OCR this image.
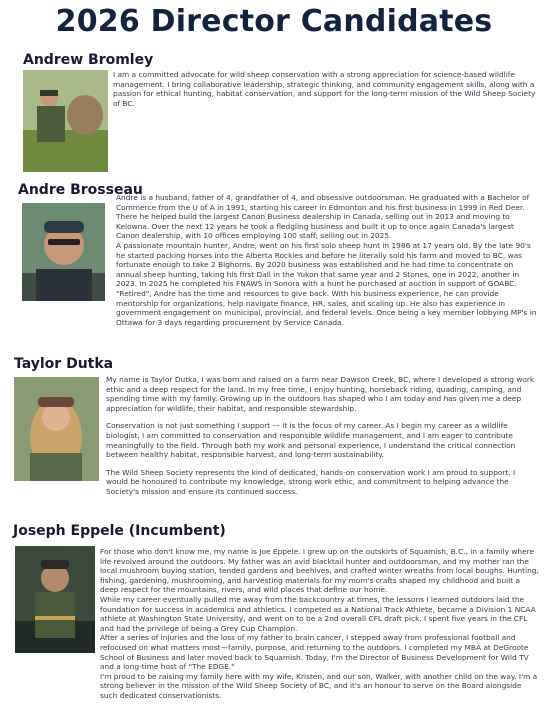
2026 Director Candidates
Andrew Bromley

I am a committed advocate for wild sheep conservation with a strong appreciation for science-based wildlife management. I bring collaborative leadership, strategic thinking, and community engagement skills, along with a passion for ethical hunting, habitat conservation, and support for the long-term mission of the Wild Sheep Society of BC.

Andre Brosseau

Andre is a husband, father of 4, grandfather of 4, and obsessive outdoorsman. He graduated with a Bachelor of Commerce from the U of A in 1991, starting his career in Edmonton and his first business in 1999 in Red Deer. There he helped build the largest Canon Business dealership in Canada, selling out in 2013 and moving to Kelowna. Over the next 12 years he took a fledgling business and built it up to once again Canada's largest Canon dealership, with 10 offices employing 100 staff; selling out in 2025.

A passionate mountain hunter, Andre, went on his first solo sheep hunt in 1986 at 17 years old. By the late 90's he started packing horses into the Alberta Rockies and before he literally sold his farm and moved to BC, was fortunate enough to take 2 Bighorns. By 2020 business was established and he had time to concentrate on annual sheep hunting, taking his first Dall in the Yukon that same year and 2 Stones, one in 2022, another in 2023. In 2025 he completed his FNAWS in Sonora with a hunt he purchased at auction in support of GOABC.

"Retired", Andre has the time and resources to give back. With his business experience, he can provide mentorship for organizations, help navigate finance, HR, sales, and scaling up. He also has experience in government engagement on municipal, provincial, and federal levels. Once being a key member lobbying MP's in Ottawa for 3 days regarding procurement by Service Canada.

Taylor Dutka

My name is Taylor Dutka, I was born and raised on a farm near Dawson Creek, BC, where I developed a strong work ethic and a deep respect for the land. In my free time, I enjoy hunting, horseback riding, quading, camping, and spending time with my family. Growing up in the outdoors has shaped who I am today and has given me a deep appreciation for wildlife, their habitat, and responsible stewardship.

Conservation is not just something I support — it is the focus of my career. As I begin my career as a wildlife biologist, I am committed to conservation and responsible wildlife management, and I am eager to contribute meaningfully to the field. Through both my work and personal experience, I understand the critical connection between healthy habitat, responsible harvest, and long-term sustainability.

The Wild Sheep Society represents the kind of dedicated, hands-on conservation work I am proud to support. I would be honoured to contribute my knowledge, strong work ethic, and commitment to helping advance the Society's mission and ensure its continued success.

Joseph Eppele (Incumbent)

For those who don't know me, my name is Joe Eppele. I grew up on the outskirts of Squamish, B.C., in a family where life revolved around the outdoors. My father was an avid blacktail hunter and outdoorsman, and my mother ran the local mushroom buying station, tended gardens and beehives, and crafted winter wreaths from local boughs. Hunting, fishing, gardening, mushrooming, and harvesting materials for my mom's crafts shaped my childhood and built a deep respect for the mountains, rivers, and wild places that define our home.

While my career eventually pulled me away from the backcountry at times, the lessons I learned outdoors laid the foundation for success in academics and athletics. I competed as a National Track Athlete, became a Division 1 NCAA athlete at Washington State University, and went on to be a 2nd overall CFL draft pick. I spent five years in the CFL and had the privilege of being a Grey Cup Champion.

After a series of injuries and the loss of my father to brain cancer, I stepped away from professional football and refocused on what matters most—family, purpose, and returning to the outdoors. I completed my MBA at DeGroote School of Business and later moved back to Squamish. Today, I'm the Director of Business Development for Wild TV and a long-time host of "The EDGE."

I'm proud to be raising my family here with my wife, Kristen, and our son, Walker, with another child on the way. I'm a strong believer in the mission of the Wild Sheep Society of BC, and it's an honour to serve on the Board alongside such dedicated conservationists.
